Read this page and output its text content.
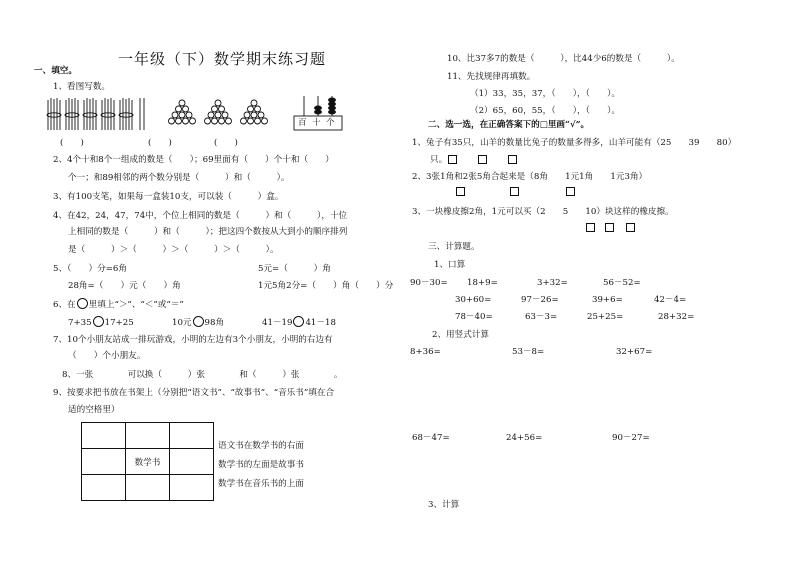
一年级（下）数学期末练习题
一、填空。
1、看图写数。
百 十 个
(　　)	(　　)	(　　)
2、4个十和8个一组成的数是（　　）；69里面有（　　）个十和（　　）
个一；和89相邻的两个数分别是（　　　）和（　　　）。
3、有100支笔，如果每一盒装10支，可以装（　　　）盒。
4、在42，24，47，74中，个位上相同的数是（　　　）和（　　　），十位
上相同的数是（　　　）和（　　　）；把这四个数按从大到小的顺序排列
是（　　　）＞（　　　）＞（　　　）＞（　　　）。
5、（　　）分=6角	5元=（　　　）角
28角=（　　）元（　　）角	1元5角2分=（　　）角（　　）分
6、在 里填上“＞”、“＜”或“＝”
7+35 17+25	10元 98角	41－19 41－18
7、10个小朋友站成一排玩游戏，小明的左边有3个小朋友，小明的右边有
（　　）个小朋友。
8、一张　　　　可以换（　　　）张　　　　和（　　　）张　　　　。
9、按要求把书放在书架上（分别把“语文书”、“故事书”、“音乐书”填在合
适的空格里）

	数学书	

语文书在数学书的右面
数学书的左面是故事书
数学书在音乐书的上面
10、比37多7的数是（　　　），比44少6的数是（　　　）。
11、先找规律再填数。
（1）33，35，37，（　　），（　　）。
（2）65，60，55，（　　），（　　）。
二、选一选，在正确答案下的□里画“√”。
1、兔子有35只，山羊的数量比兔子的数量多得多，山羊可能有（25　　39　　80）
只。
2、3张1角和2张5角合起来是（8角　　1元1角　　1元3角）
3、一块橡皮擦2角，1元可以买（2　　5　　10）块这样的橡皮擦。
三、计算题。
1、口算
90－30= 18+9=	3+32=	56－52=
30+60=	97－26=	39+6=	42－4=
78－40=	63－3=	25+25=	28+32=
2、用竖式计算
8+36=	53－8=	32+67=
68－47=	24+56=	90－27=
3、计算
